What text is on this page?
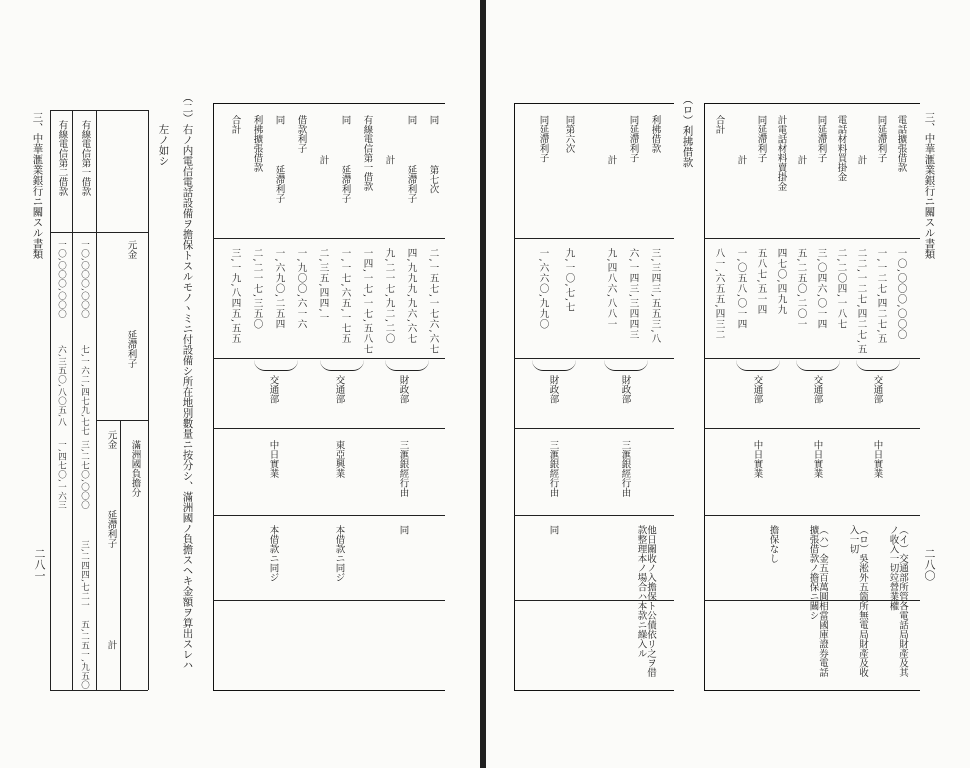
三、中華滙業銀行ニ關スル書類
二八一
有線電信第二借款 有線電信第一借款
一〇,〇〇〇,〇〇〇
一〇,〇〇〇,〇〇〇
七,一六二,四七九,七七
六,三五〇,八〇五,八
元金
延滯利子
滿洲國負擔分
元金
延滯利子
計
三,二七〇,〇〇〇
一,四七〇,一六三
三,二四四,七二一
五,二五一,九五〇
（二）
右ノ内電信電話設備ヲ擔保トスルモノヽミニ付設備シ所在地別數量ニ按分シ、滿洲國ノ負擔スヘキ金額ヲ算出スレハ
左ノ如シ
同
第七次
同
延滯利子
計
有線電信第一借款
同
延滯利子
計
借款利子
同
延滯利子
利拂擴張借款
合計
二,一五七,一七六,六七
四,九九九,九六,六七
九,二一七,九二,二〇
一四,一七,一七,五八七
一,一七,六五,一七五
二,三五,四四,一
一,九〇〇,六一六
一,六九〇,二五四
二,二一七,三五〇
三,一九,八四五,五五
財政部
交通部
交通部
三滙銀經行由
東亞興業
中日實業
同
本借款ニ同ジ
本借款ニ同ジ
三、中華滙業銀行ニ關スル書類
二八〇
（ロ）利拂借款	電話擴張借款
同延滯利子
計
電話材料買掛金
同延滯利子
計
計電話材料賣掛金
同延滯利子
計
合計
一〇,〇〇〇,〇〇〇
一,一二七,四二七,五
二二,一二七,四二七,五
二,二〇四,一八七
三,〇四六,〇一四
五,二五〇,二〇一
四七〇,四九九
五八七,五一四
一,〇五八,〇一四
八一,六五五,四三二
交通部
交通部
交通部
中日實業
中日實業
中日實業
（イ）交通部所管各電話局財產及其ノ收入一切竝營業權
（ロ）吳淞外五箇所無電局財產及收入一切
（ハ）金五百萬圓相當國庫證券電話擴張借款ノ擔保ニ關シ
擔保なし
利拂借款
同延滯利子
計
同第六次
同延滯利子
三,三四三,五五三,八
六,一四三,三四四三
九,四八六,八八一
九,一〇,七,七
一,六六〇,九九〇
財政部
財政部
三滙銀經行由
三滙銀經行由
他日關收ノ入擔保ト公債依リ之ヲ借款整理本ノ場合ハ本款ニ繰入ル
同
